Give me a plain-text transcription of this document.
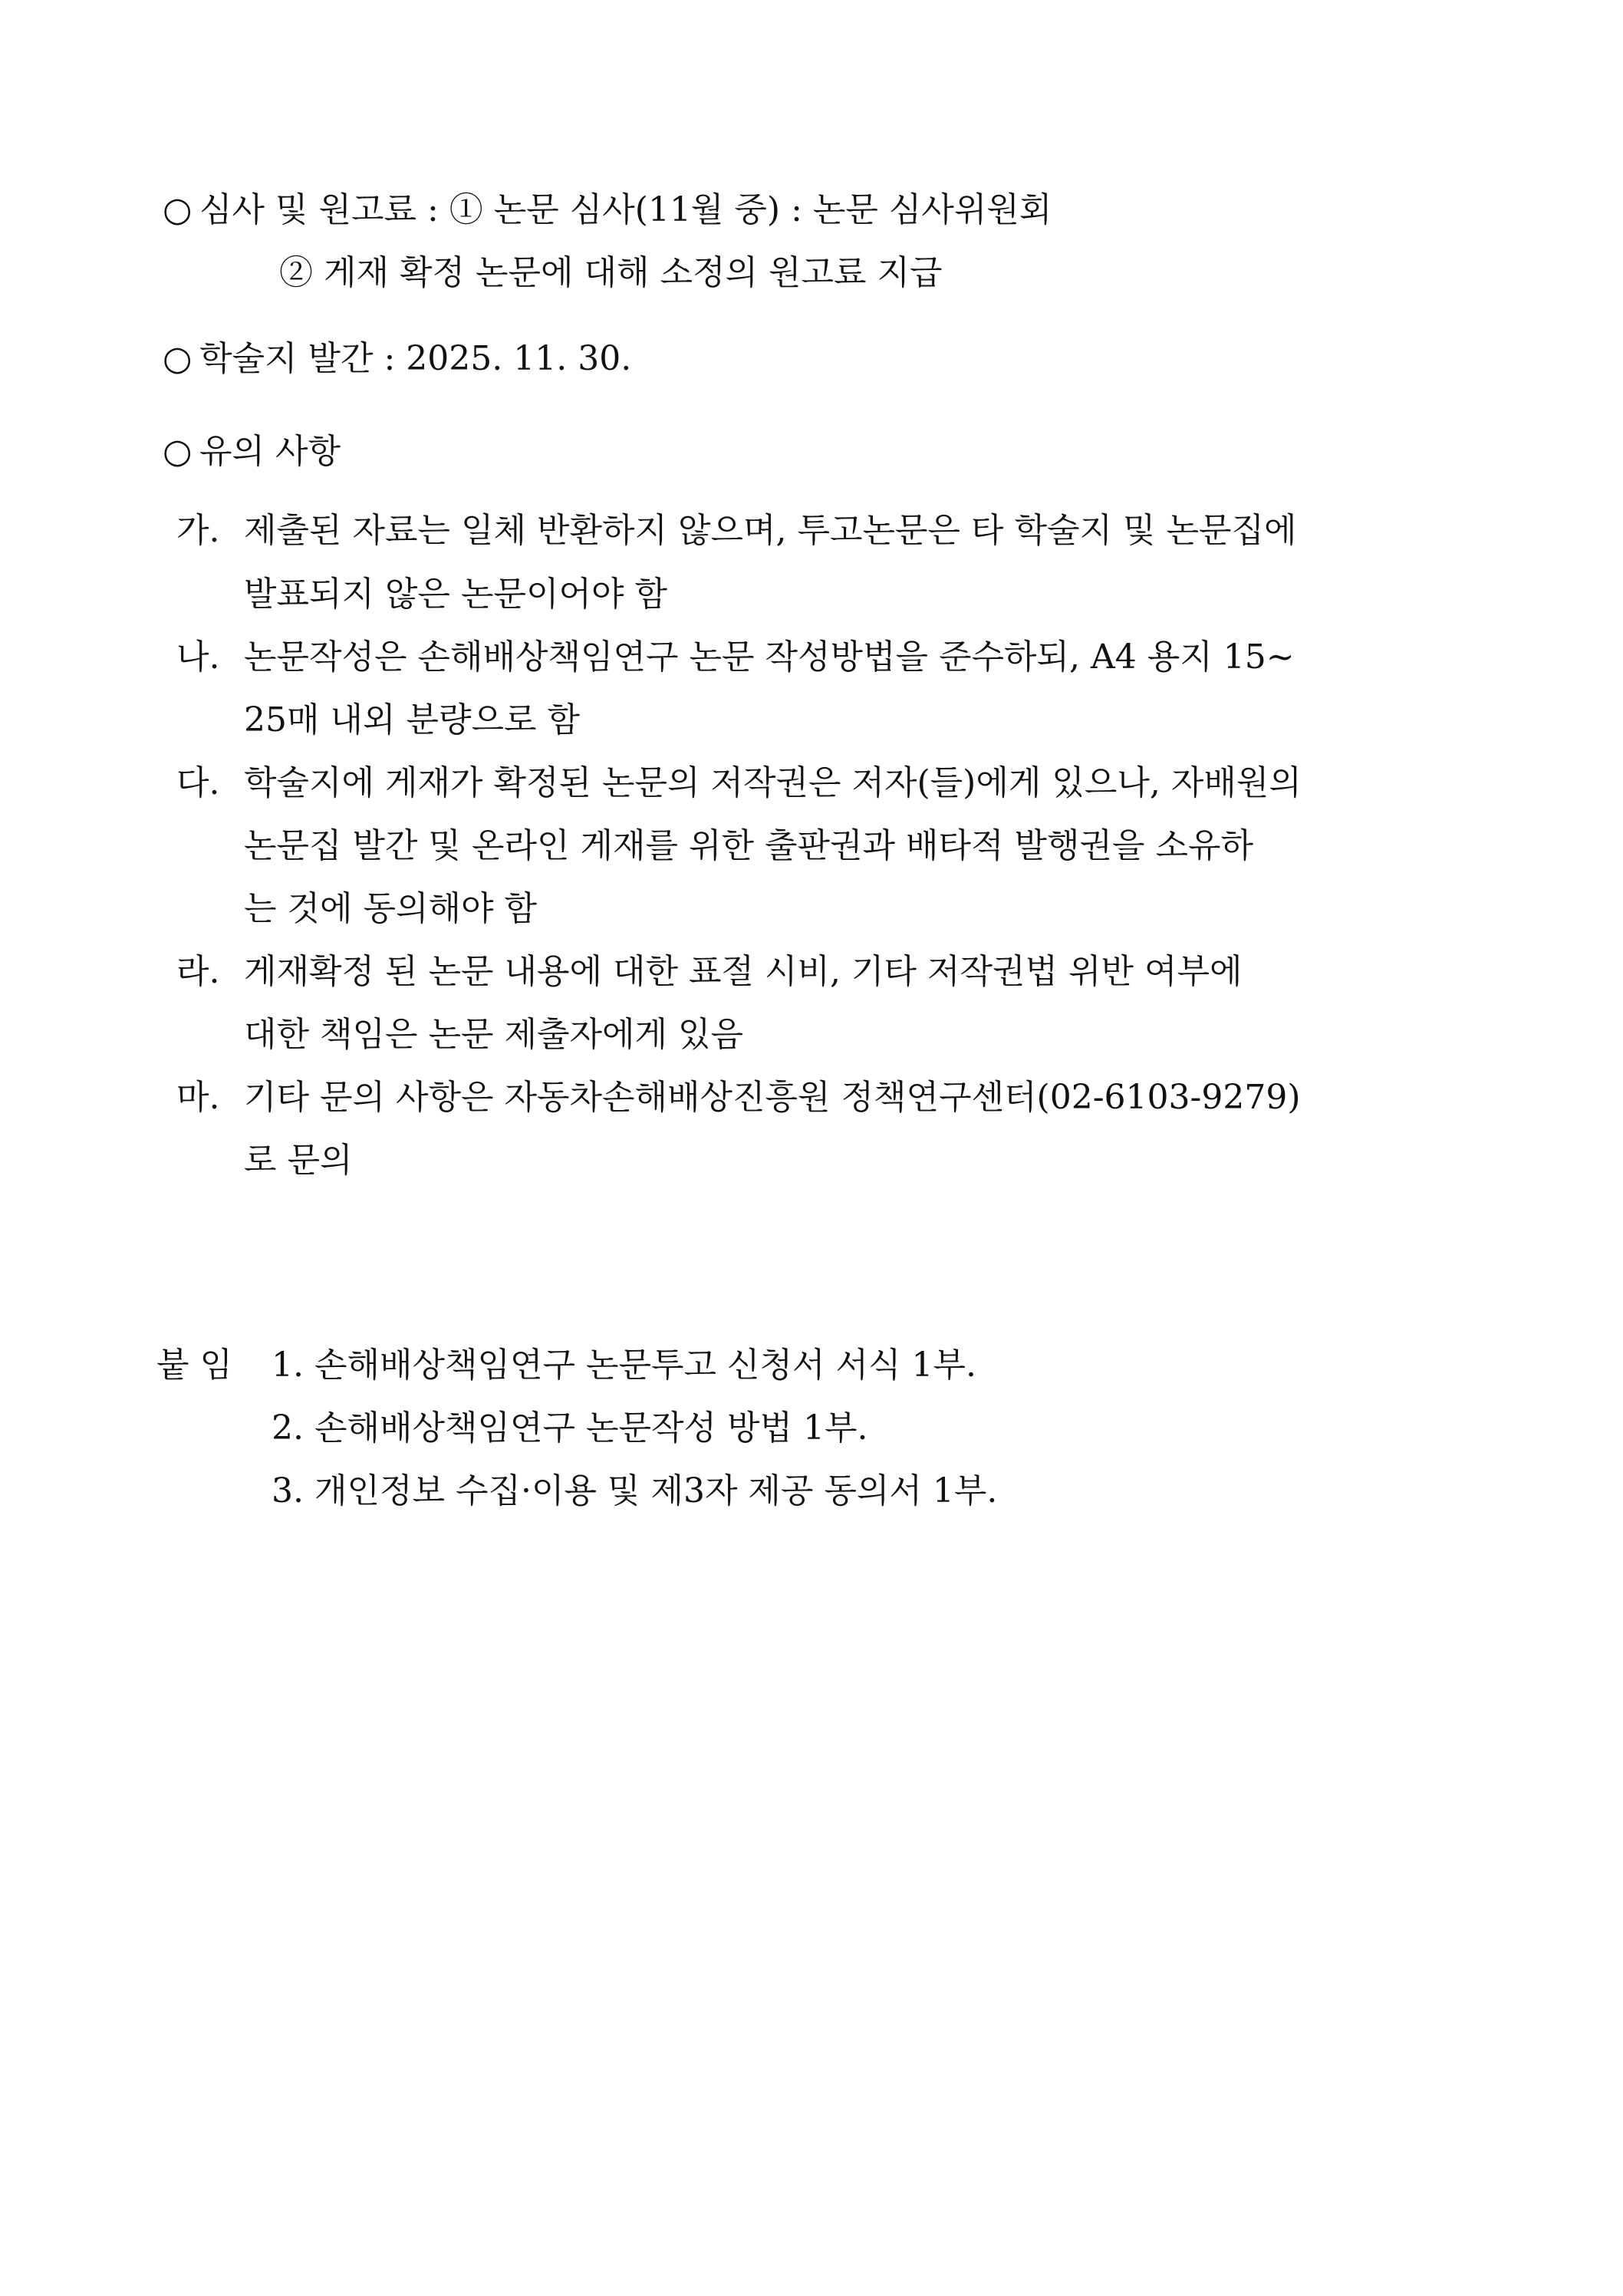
○ 심사 및 원고료 : ① 논문 심사(11월 중) : 논문 심사위원회
② 게재 확정 논문에 대해 소정의 원고료 지급
○ 학술지 발간 : 2025. 11. 30.
○ 유의 사항
가. 제출된 자료는 일체 반환하지 않으며, 투고논문은 타 학술지 및 논문집에
발표되지 않은 논문이어야 함
나. 논문작성은 손해배상책임연구 논문 작성방법을 준수하되, A4 용지 15∼
25매 내외 분량으로 함
다. 학술지에 게재가 확정된 논문의 저작권은 저자(들)에게 있으나, 자배원의
논문집 발간 및 온라인 게재를 위한 출판권과 배타적 발행권을 소유하
는 것에 동의해야 함
라. 게재확정 된 논문 내용에 대한 표절 시비, 기타 저작권법 위반 여부에
대한 책임은 논문 제출자에게 있음
마. 기타 문의 사항은 자동차손해배상진흥원 정책연구센터(02-6103-9279)
로 문의
붙 임 1. 손해배상책임연구 논문투고 신청서 서식 1부.
2. 손해배상책임연구 논문작성 방법 1부.
3. 개인정보 수집·이용 및 제3자 제공 동의서 1부.
